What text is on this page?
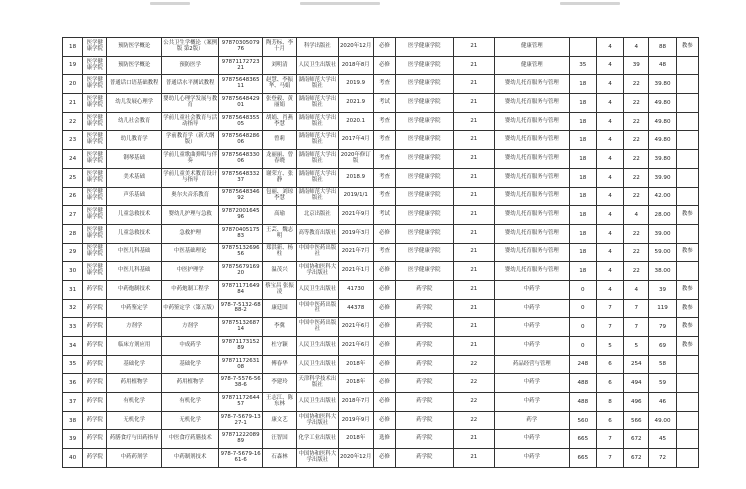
18	医学健康学院	预防医学概论	公共卫生学概论（案例版 第2版）	9787030507976	陶芳标、李十月	科学出版社	2020年12月	必修	医学健康学院	21	健康管理		4	4	88	教参
19	医学健康学院	预防医学概论	预防医学	9787117272321	刘明清	人民卫生出版社	2018年8月	必修	医学健康学院	21	健康管理	35	4	39	48	
20	医学健康学院	普通话口语基础教程	普通话水平测试教程	9787564836511	赵慧、李振华、马娟	湖南师范大学出版社	2019.9	考查	医学健康学院	21	婴幼儿托育服务与管理	18	4	22	39.80	
21	医学健康学院	幼儿发展心理学	婴幼儿心理学发展与教育	9787564842901	张登毅、黄丽娟	湖南师范大学出版社	2021.9	考试	医学健康学院	21	婴幼儿托育服务与管理	18	4	22	49.80	
22	医学健康学院	幼儿社会教育	学前儿童社会教育与活动指导	9787564835505	胡娟、肖燕李慧	湖南师范大学出版社	2020.1	考查	医学健康学院	21	婴幼儿托育服务与管理	18	4	22	49.80	
23	医学健康学院	幼儿教育学	学前教育学（新大纲版）	9787564828606	曾莉	湖南师范大学出版社	2017年4月	考查	医学健康学院	21	婴幼儿托育服务与管理	18	4	22	49.80	
24	医学健康学院	钢琴基础	学前儿童歌曲弹唱与伴奏	9787564833006	龙丽丽、曾春晓	湖南师范大学出版社	2020年修订版	考查	医学健康学院	21	婴幼儿托育服务与管理	18	4	22	39.80	
25	医学健康学院	美术基础	学前儿童美术教育设计与指导	9787564833237	谢荣方、张静	湖南师范大学出版社	2018.9	考查	医学健康学院	21	婴幼儿托育服务与管理	18	4	22	39.90	
26	医学健康学院	声乐基础	奥尔夫音乐教育	9787564834692	包丽、刘琼李慧	湖南师范大学出版社	2019/1/1	考查	医学健康学院	21	婴幼儿托育服务与管理	18	4	22	42.00	
27	医学健康学院	儿童急救技术	婴幼儿护理与急救	9787200164596	高瑜	北京出版社	2021年9月	考试	医学健康学院	21	婴幼儿托育服务与管理	18	4	4	28.00	教参
28	医学健康学院	儿童急救技术	急救护理	9787040517583	王芸、魏志明	高等教育出版社	2019年3月	必修	医学健康学院	21	婴幼儿托育服务与管理	18	4	22	39.00	
29	医学健康学院	中医儿科基础	中医基础理论	9787513269656	郑洪新、杨柱	中国中医药出版社	2021年7月	考查	医学健康学院	21	婴幼儿托育服务与管理	18	4	22	59.00	教参
30	医学健康学院	中医儿科基础	中医护理学	9787567916920	温茂兴	中国协和医科大学出版社	2021年1月	必修	医学健康学院	21	婴幼儿托育服务与管理	18	4	22	38.00	
31	药学院	中药炮制技术	中药炮制工程学	9787117164984	蔡宝昌 张振凌	人民卫生出版社	41730	必修	药学院	21	中药学	0	4	4	39	教参
32	药学院	中药鉴定学	中药鉴定学（第五版）	978-7-5132-6888-2	康廷国	中国中医药出版社	44378	必修	药学院	21	中药学	0	7	7	119	教参
33	药学院	方剂学	方剂学	9787513268714	李冀	中国中医药出版社	2021年6月	必修	药学院	21	中药学	0	7	7	79	教参
34	药学院	临床方剂应用	中成药学	9787117315289	杜守颖	人民卫生出版社	2021年6月	必修	药学院	21	中药学	0	5	5	69	教参
35	药学院	基础化学	基础化学	9787117263108	傅春华	人民卫生出版社	2018年	必修	药学院	22	药品经营与管理	248	6	254	58	
36	药学院	药用植物学	药用植物学	978-7-5576-5638-6	李建玲	天津科学技术出版社	2018年	必修	药学院	22	中药学	488	6	494	59	
37	药学院	有机化学	有机化学	9787117264457	王志江、陈东林	人民卫生出版社	2018年7月	必修	药学院	22	中药学	488	8	496	46	
38	药学院	无机化学	无机化学	978-7-5679-1327-1	康文艺	中国协和医科大学出版社	2019年9月	必修	药学院	22	药学	560	6	566	49.00	
39	药学院	药膳食疗与田药指导	中医食疗药膳技术	9787122208989	汪智国	化学工业出版社	2018年	选修	药学院	21	中药学	665	7	672	45	
40	药学院	中药药剂学	中药制剂技术	978-7-5679-1661-6	石森林	中国协和医科大学出版社	2020年12月	必修	药学院	21	中药学	665	7	672	72	
